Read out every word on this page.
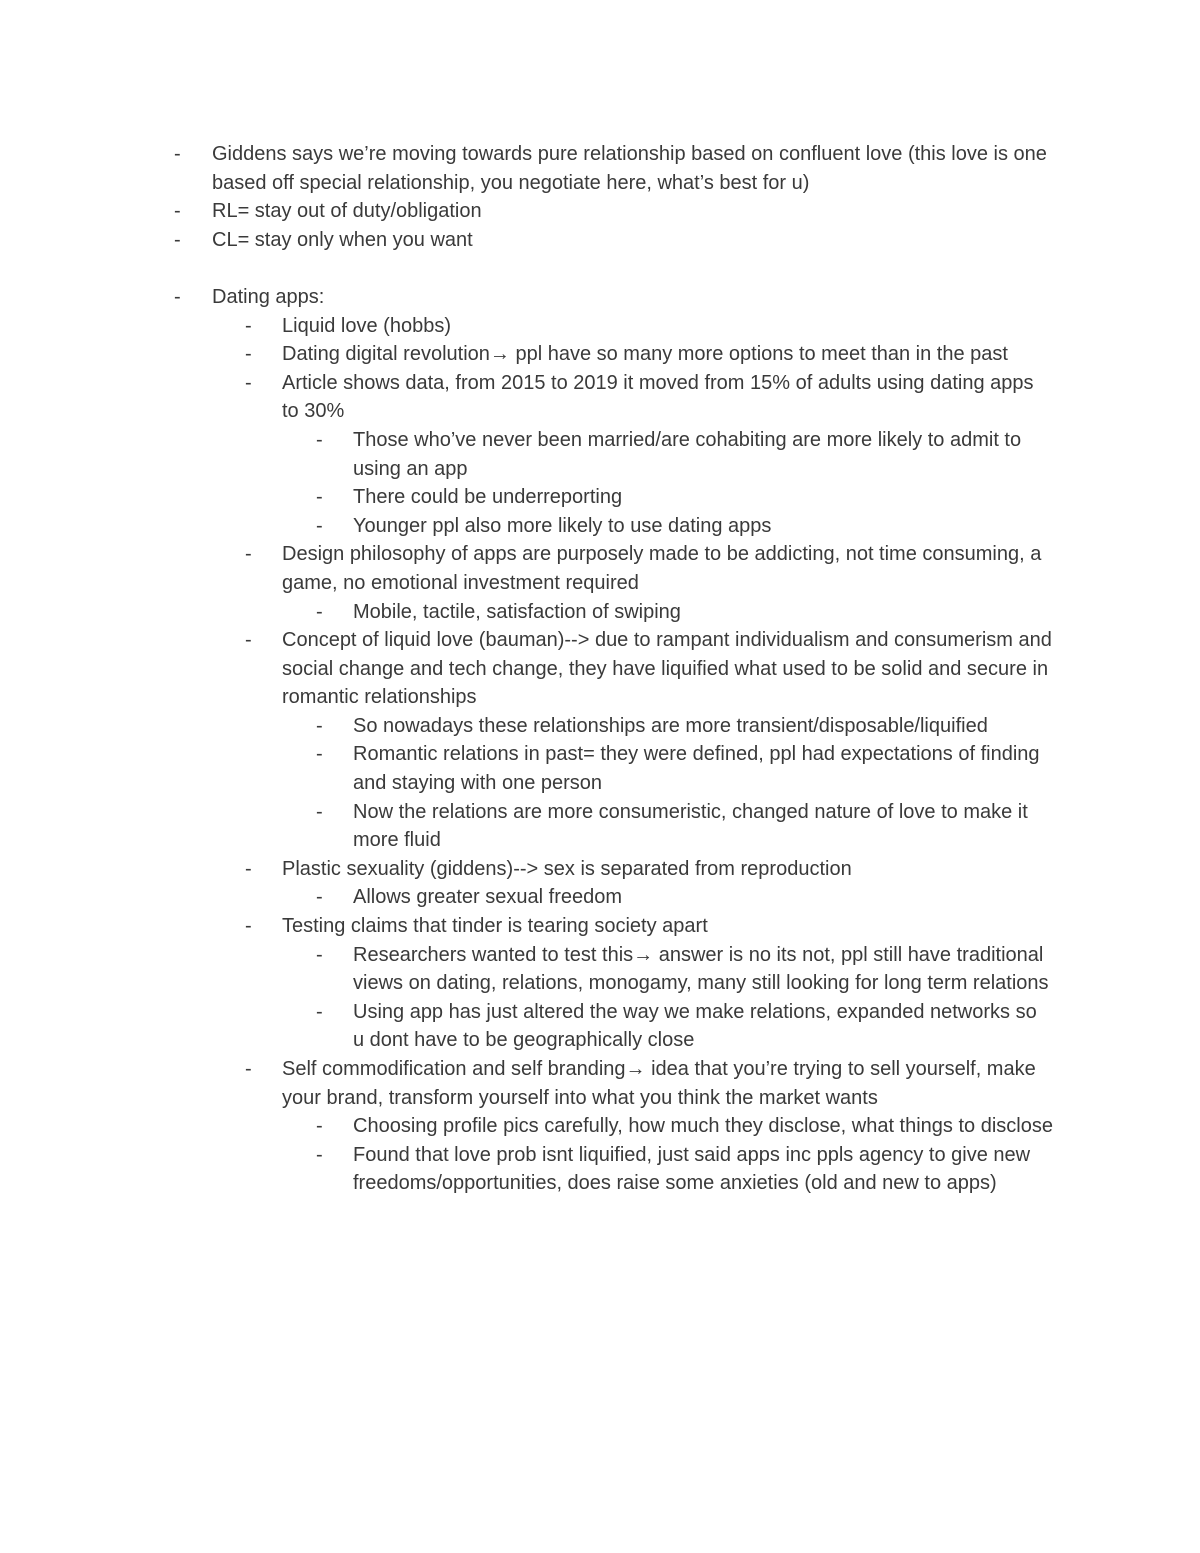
- Giddens says we’re moving towards pure relationship based on confluent love (this love is one based off special relationship, you negotiate here, what’s best for u)
- RL= stay out of duty/obligation
- CL= stay only when you want
- Dating apps:
- Liquid love (hobbs)
- Dating digital revolution→ ppl have so many more options to meet than in the past
- Article shows data, from 2015 to 2019 it moved from 15% of adults using dating apps to 30%
- Those who’ve never been married/are cohabiting are more likely to admit to using an app
- There could be underreporting
- Younger ppl also more likely to use dating apps
- Design philosophy of apps are purposely made to be addicting, not time consuming, a game, no emotional investment required
- Mobile, tactile, satisfaction of swiping
- Concept of liquid love (bauman)--> due to rampant individualism and consumerism and social change and tech change, they have liquified what used to be solid and secure in romantic relationships
- So nowadays these relationships are more transient/disposable/liquified
- Romantic relations in past= they were defined, ppl had expectations of finding and staying with one person
- Now the relations are more consumeristic, changed nature of love to make it more fluid
- Plastic sexuality (giddens)--> sex is separated from reproduction
- Allows greater sexual freedom
- Testing claims that tinder is tearing society apart
- Researchers wanted to test this→ answer is no its not, ppl still have traditional views on dating, relations, monogamy, many still looking for long term relations
- Using app has just altered the way we make relations, expanded networks so u dont have to be geographically close
- Self commodification and self branding→ idea that you’re trying to sell yourself, make your brand, transform yourself into what you think the market wants
- Choosing profile pics carefully, how much they disclose, what things to disclose
- Found that love prob isnt liquified, just said apps inc ppls agency to give new freedoms/opportunities, does raise some anxieties (old and new to apps)
